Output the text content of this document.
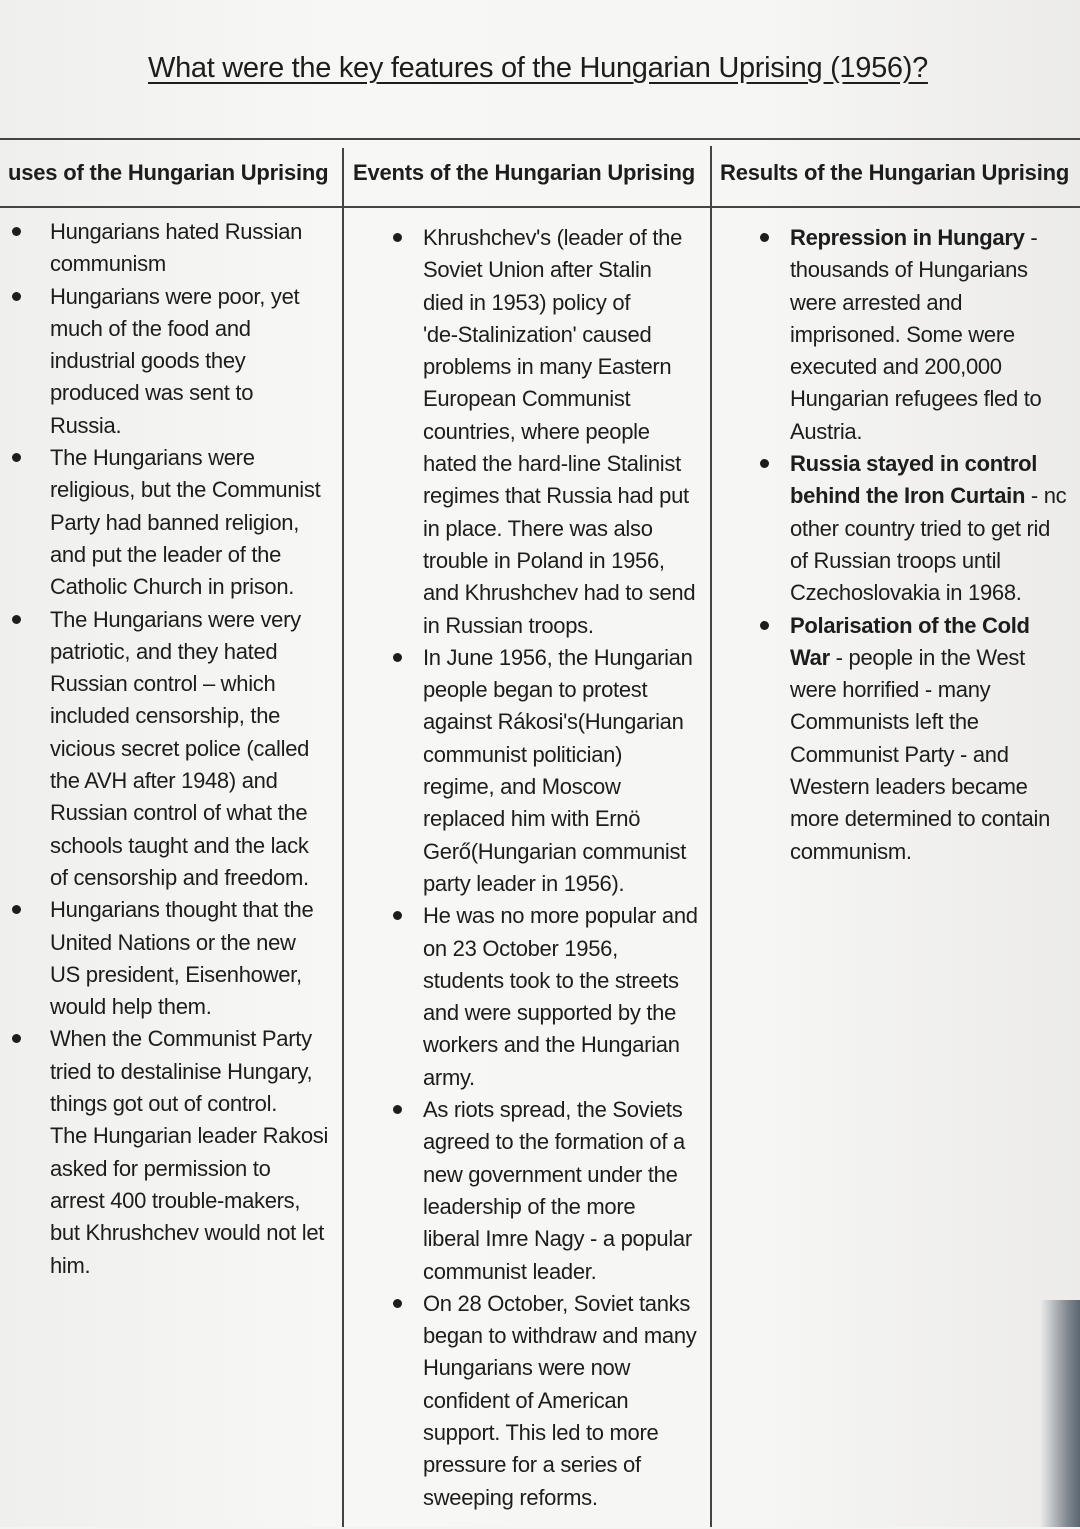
What were the key features of the Hungarian Uprising (1956)?
uses of the Hungarian Uprising	Events of the Hungarian Uprising	Results of the Hungarian Uprising
Hungarians hated Russian
communism
Hungarians were poor, yet
much of the food and
industrial goods they
produced was sent to
Russia.
The Hungarians were
religious, but the Communist
Party had banned religion,
and put the leader of the
Catholic Church in prison.
The Hungarians were very
patriotic, and they hated
Russian control – which
included censorship, the
vicious secret police (called
the AVH after 1948) and
Russian control of what the
schools taught and the lack
of censorship and freedom.
Hungarians thought that the
United Nations or the new
US president, Eisenhower,
would help them.
When the Communist Party
tried to destalinise Hungary,
things got out of control.
The Hungarian leader Rakosi
asked for permission to
arrest 400 trouble-makers,
but Khrushchev would not let
him.
Khrushchev's (leader of the
Soviet Union after Stalin
died in 1953) policy of
'de-Stalinization' caused
problems in many Eastern
European Communist
countries, where people
hated the hard-line Stalinist
regimes that Russia had put
in place. There was also
trouble in Poland in 1956,
and Khrushchev had to send
in Russian troops.
In June 1956, the Hungarian
people began to protest
against Rákosi's(Hungarian
communist politician)
regime, and Moscow
replaced him with Ernö
Gerő(Hungarian communist
party leader in 1956).
He was no more popular and
on 23 October 1956,
students took to the streets
and were supported by the
workers and the Hungarian
army.
As riots spread, the Soviets
agreed to the formation of a
new government under the
leadership of the more
liberal Imre Nagy - a popular
communist leader.
On 28 October, Soviet tanks
began to withdraw and many
Hungarians were now
confident of American
support. This led to more
pressure for a series of
sweeping reforms.
Repression in Hungary -
thousands of Hungarians
were arrested and
imprisoned. Some were
executed and 200,000
Hungarian refugees fled to
Austria.
Russia stayed in control
behind the Iron Curtain - nc
other country tried to get rid
of Russian troops until
Czechoslovakia in 1968.
Polarisation of the Cold
War - people in the West
were horrified - many
Communists left the
Communist Party - and
Western leaders became
more determined to contain
communism.
